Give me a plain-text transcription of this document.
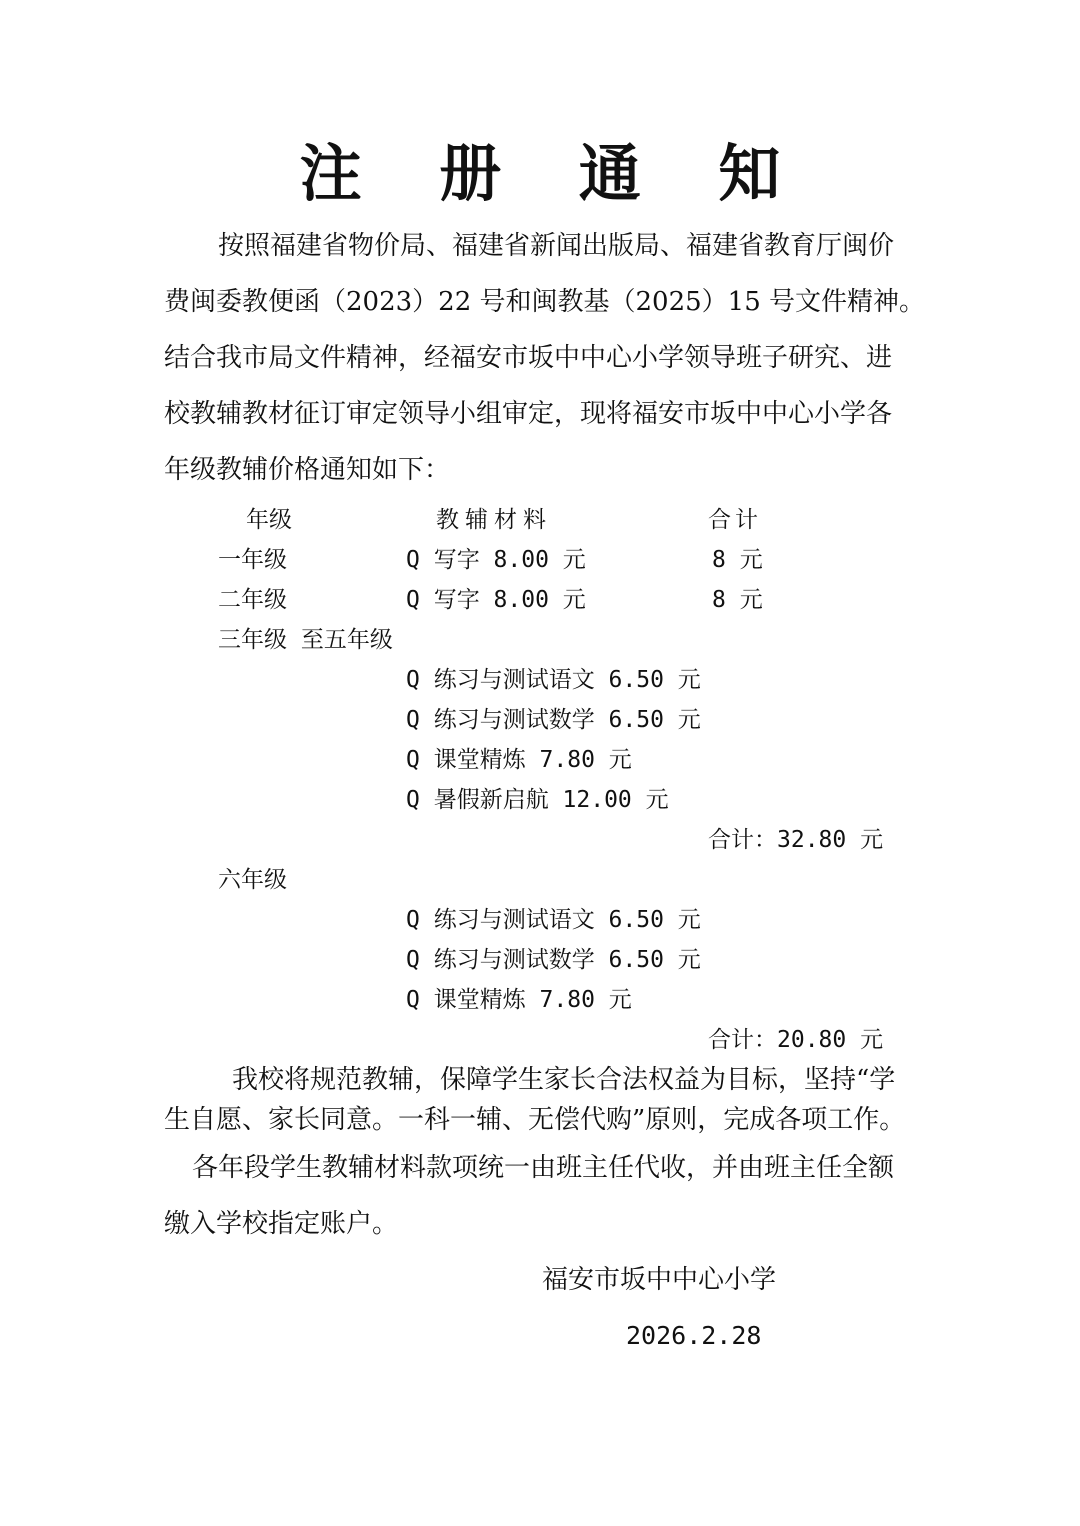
注 册 通 知

按照福建省物价局、福建省新闻出版局、福建省教育厅闽价

费闽委教便函（2023）22 号和闽教基（2025）15 号文件精神。

结合我市局文件精神，经福安市坂中中心小学领导班子研究、进

校教辅教材征订审定领导小组审定，现将福安市坂中中心小学各

年级教辅价格通知如下：

年级	教辅材料	合计
一年级	Q 写字 8.00 元	8 元
二年级	Q 写字 8.00 元	8 元
三年级 至五年级
Q 练习与测试语文 6.50 元
Q 练习与测试数学 6.50 元
Q 课堂精炼 7.80 元
Q 暑假新启航 12.00 元
合计：32.80 元
六年级
Q 练习与测试语文 6.50 元
Q 练习与测试数学 6.50 元
Q 课堂精炼 7.80 元
合计：20.80 元

我校将规范教辅，保障学生家长合法权益为目标，坚持“学

生自愿、家长同意。一科一辅、无偿代购”原则，完成各项工作。

各年段学生教辅材料款项统一由班主任代收，并由班主任全额

缴入学校指定账户。

福安市坂中中心小学
2026.2.28
